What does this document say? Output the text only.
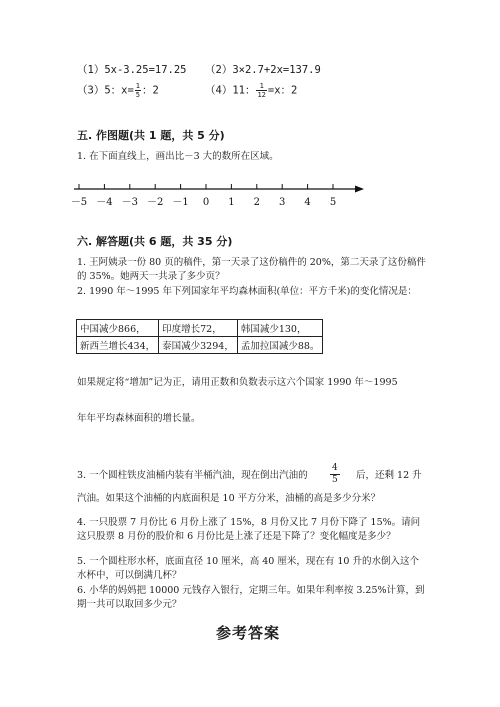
（1）5x-3.25=17.25 （2）3×2.7+2x=137.9
（3）5：$x= \frac{1}{5}$ ：2	（4）11： $\frac{1}{12} =x$：2
五. 作图题(共 1 题，共 5 分)
1. 在下面直线上，画出比－3 大的数所在区域。
－5 －4 －3 －2 －1 0 1 2 3 4 5
六. 解答题(共 6 题，共 35 分)
1. 王阿姨录一份 80 页的稿件，第一天录了这份稿件的 20%，第二天录了这份稿件的 35%。她两天一共录了多少页？
2. 1990 年～1995 年下列国家年平均森林面积(单位：平方千米)的变化情况是：
中国减少866，	印度增长72，	韩国减少130，
新西兰增长434，	泰国减少3294，	孟加拉国减少88。
如果规定将“增加”记为正，请用正数和负数表示这六个国家 1990 年～1995
年年平均森林面积的增长量。
3. 一个圆柱铁皮油桶内装有半桶汽油，现在倒出汽油的 $\frac{4}{5}$ 后，还剩 12 升
汽油。如果这个油桶的内底面积是 10 平方分米，油桶的高是多少分米？
4. 一只股票 7 月份比 6 月份上涨了 15%，8 月份又比 7 月份下降了 15%。请问这只股票 8 月份的股价和 6 月份比是上涨了还是下降了？变化幅度是多少？
5. 一个圆柱形水杯，底面直径 10 厘米，高 40 厘米，现在有 10 升的水倒入这个水杯中，可以倒满几杯？
6. 小华的妈妈把 10000 元钱存入银行，定期三年。如果年利率按 3.25%计算，到期一共可以取回多少元？
参考答案
